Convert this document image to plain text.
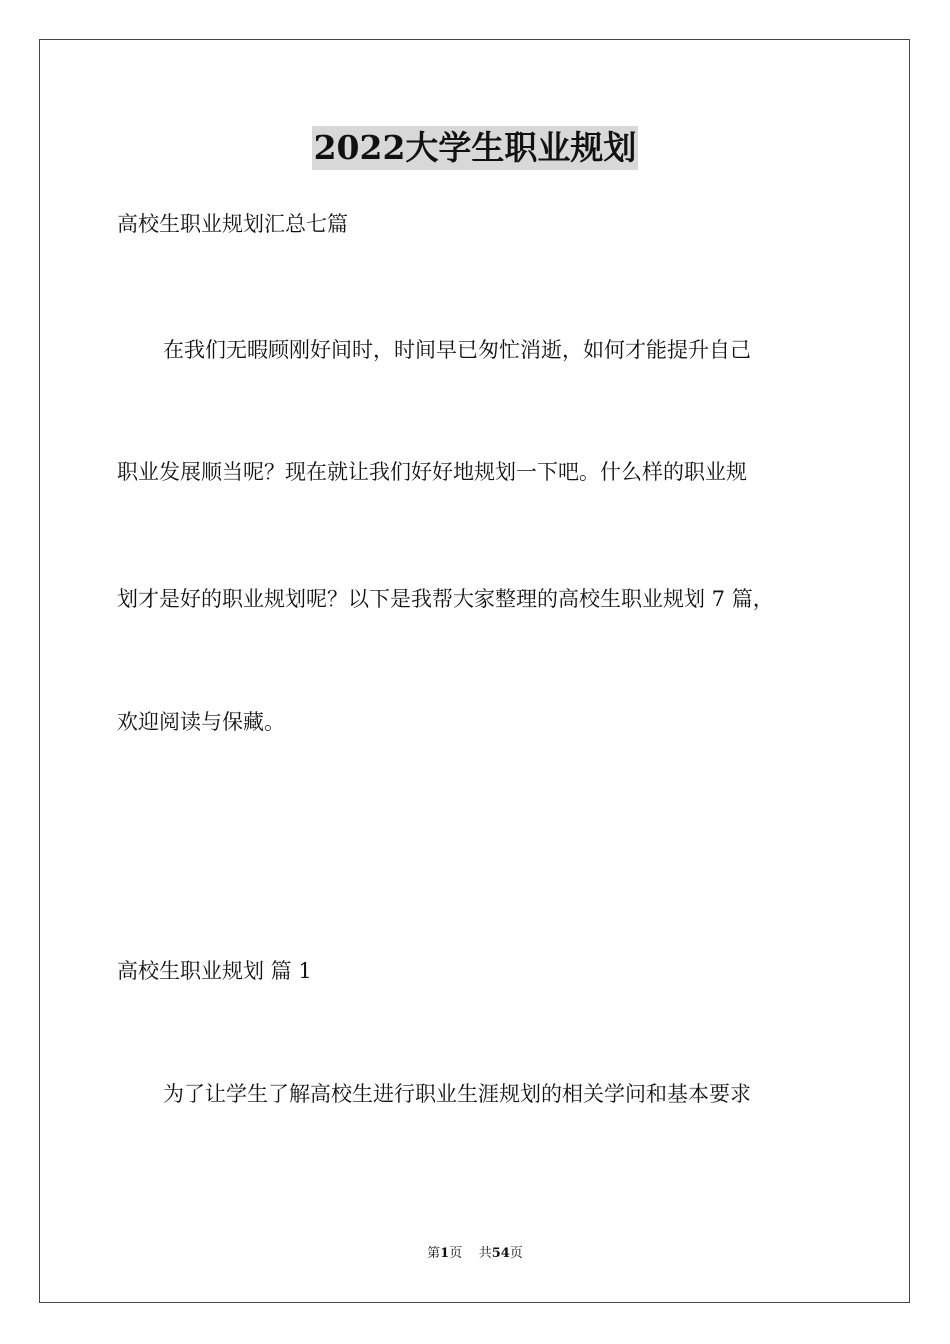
2022大学生职业规划
高校生职业规划汇总七篇
在我们无暇顾刚好间时，时间早已匆忙消逝，如何才能提升自己
职业发展顺当呢？现在就让我们好好地规划一下吧。什么样的职业规
划才是好的职业规划呢？以下是我帮大家整理的高校生职业规划 7 篇，
欢迎阅读与保藏。
高校生职业规划 篇 1
为了让学生了解高校生进行职业生涯规划的相关学问和基本要求
第1页 共54页
